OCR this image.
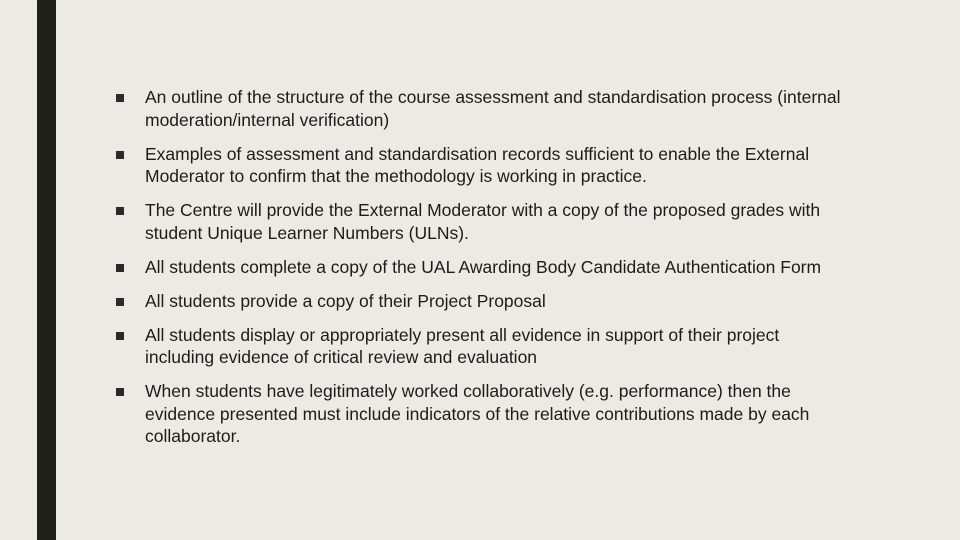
An outline of the structure of the course assessment and standardisation process (internal moderation/internal verification)
Examples of assessment and standardisation records sufficient to enable the External Moderator to confirm that the methodology is working in practice.
The Centre will provide the External Moderator with a copy of the proposed grades with student Unique Learner Numbers (ULNs).
All students complete a copy of the UAL Awarding Body Candidate Authentication Form
All students provide a copy of their Project Proposal
All students display or appropriately present all evidence in support of their project including evidence of critical review and evaluation
When students have legitimately worked collaboratively (e.g. performance) then the evidence presented must include indicators of the relative contributions made by each collaborator.
